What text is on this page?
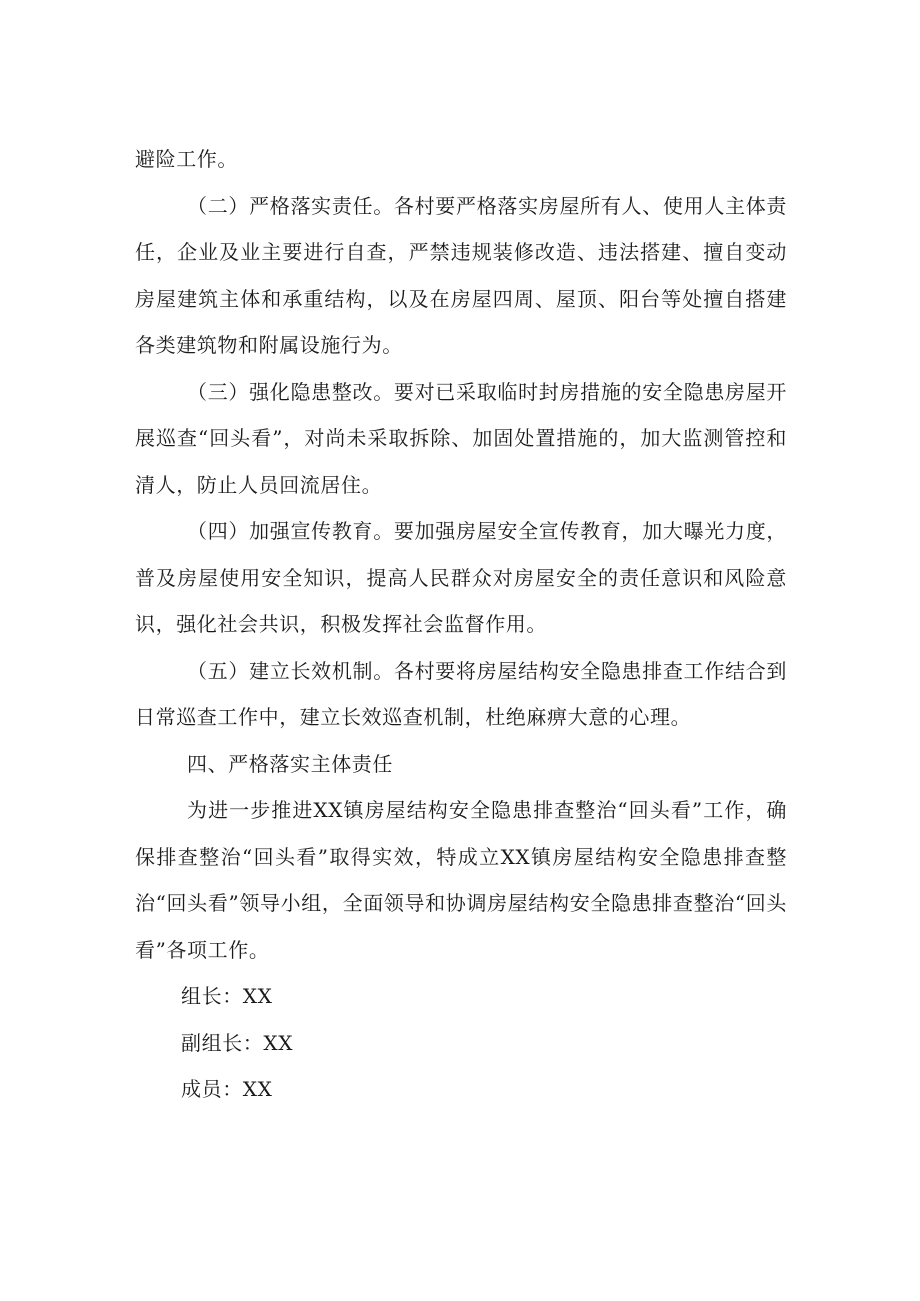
避险工作。

（二）严格落实责任。各村要严格落实房屋所有人、使用人主体责任，企业及业主要进行自查，严禁违规装修改造、违法搭建、擅自变动房屋建筑主体和承重结构，以及在房屋四周、屋顶、阳台等处擅自搭建各类建筑物和附属设施行为。

（三）强化隐患整改。要对已采取临时封房措施的安全隐患房屋开展巡查“回头看”，对尚未采取拆除、加固处置措施的，加大监测管控和清人，防止人员回流居住。

（四）加强宣传教育。要加强房屋安全宣传教育，加大曝光力度，普及房屋使用安全知识，提高人民群众对房屋安全的责任意识和风险意识，强化社会共识，积极发挥社会监督作用。

（五）建立长效机制。各村要将房屋结构安全隐患排查工作结合到日常巡查工作中，建立长效巡查机制，杜绝麻痹大意的心理。

四、严格落实主体责任

为进一步推进XX镇房屋结构安全隐患排查整治“回头看”工作，确保排查整治“回头看”取得实效，特成立XX镇房屋结构安全隐患排查整治“回头看”领导小组，全面领导和协调房屋结构安全隐患排查整治“回头看”各项工作。

组长：XX

副组长：XX

成员：XX
